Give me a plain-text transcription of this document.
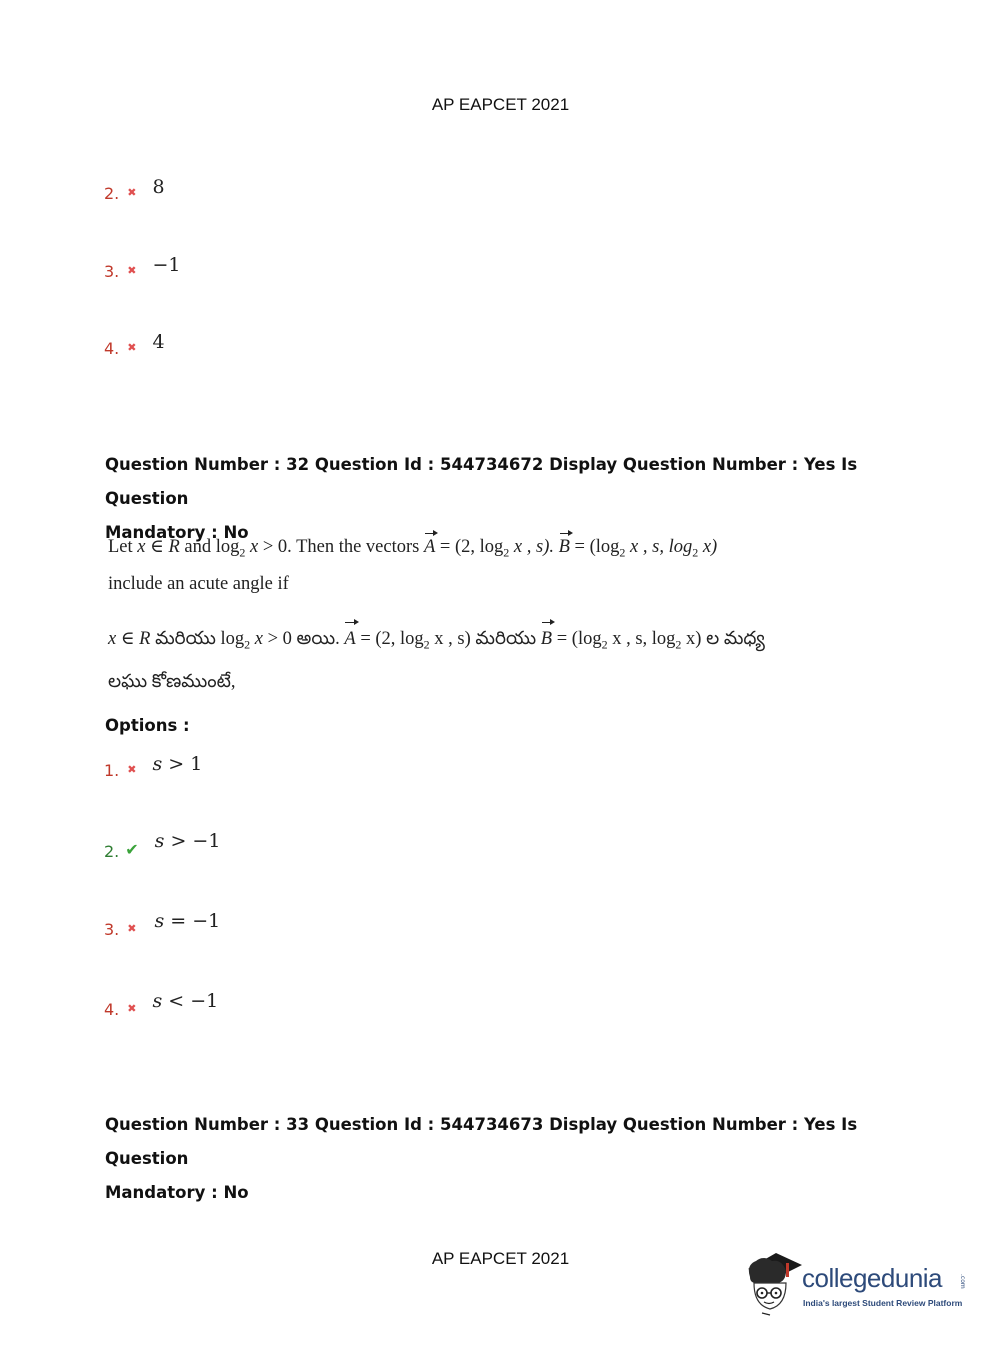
AP EAPCET 2021
2. ✖ 8
3. ✖ −1
4. ✖ 4
Question Number : 32 Question Id : 544734672 Display Question Number : Yes Is Question
Mandatory : No
Let x ∈ R and $\log_2 x > 0$. Then the vectors A = (2, $\log_2 x$ , s). $B = (\log_2$ x , s, $\log_2 x$)
include an acute angle if
x ∈ R మరియు $\log_2 x > 0$ అయి. A = (2, $\log_2 x$ , s) మరియు $B = (\log_2$ x , s, $\log_2 x$) ల మధ్య
లఘు కోణముంటే,
Options :
1. ✖ s > 1
2. ✔ s > −1
3. ✖ s = −1
4. ✖ s < −1
Question Number : 33 Question Id : 544734673 Display Question Number : Yes Is Question
Mandatory : No
AP EAPCET 2021
collegedunia	.com
India's largest Student Review Platform
